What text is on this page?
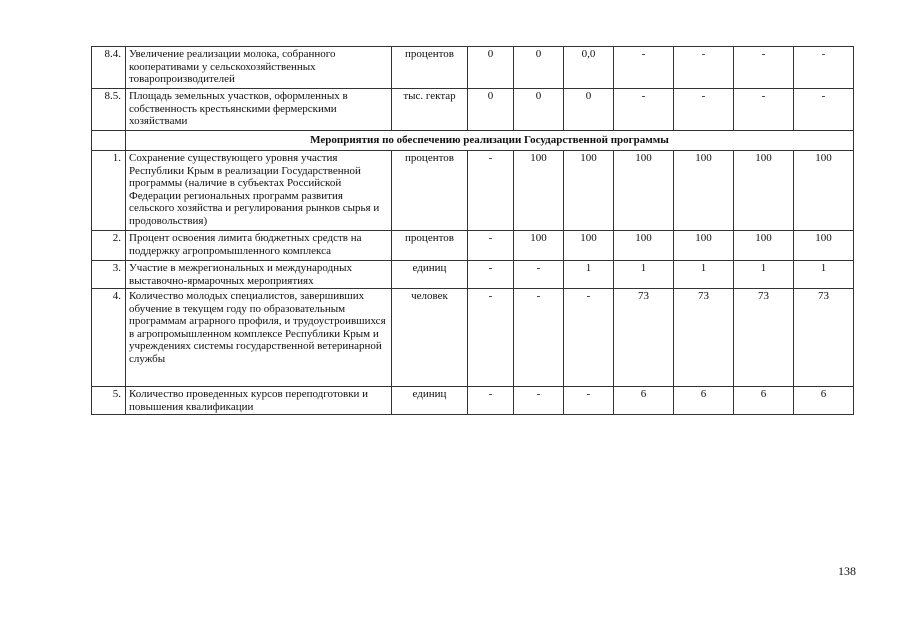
8.4.	Увеличение реализации молока, собранного кооперативами у сельскохозяйственных товаропроизводителей	процентов	0	0	0,0	-	-	-	-
8.5.	Площадь земельных участков, оформленных в собственность крестьянскими фермерскими хозяйствами	тыс. гектар	0	0	0	-	-	-	-
	Мероприятия по обеспечению реализации Государственной программы								
1.	Сохранение существующего уровня участия Республики Крым в реализации Государственной программы (наличие в субъектах Российской Федерации региональных программ развития сельского хозяйства и регулирования рынков сырья и продовольствия)	процентов	-	100	100	100	100	100	100
2.	Процент освоения лимита бюджетных средств на поддержку агропромышленного комплекса	процентов	-	100	100	100	100	100	100
3.	Участие в межрегиональных и международных выставочно-ярмарочных мероприятиях	единиц	-	-	1	1	1	1	1
4.	Количество молодых специалистов, завершивших обучение в текущем году по образовательным программам аграрного профиля, и трудоустроившихся в агропромышленном комплексе Республики Крым и учреждениях системы государственной ветеринарной службы	человек	-	-	-	73	73	73	73
5.	Количество проведенных курсов переподготовки и повышения квалификации	единиц	-	-	-	6	6	6	6
138
